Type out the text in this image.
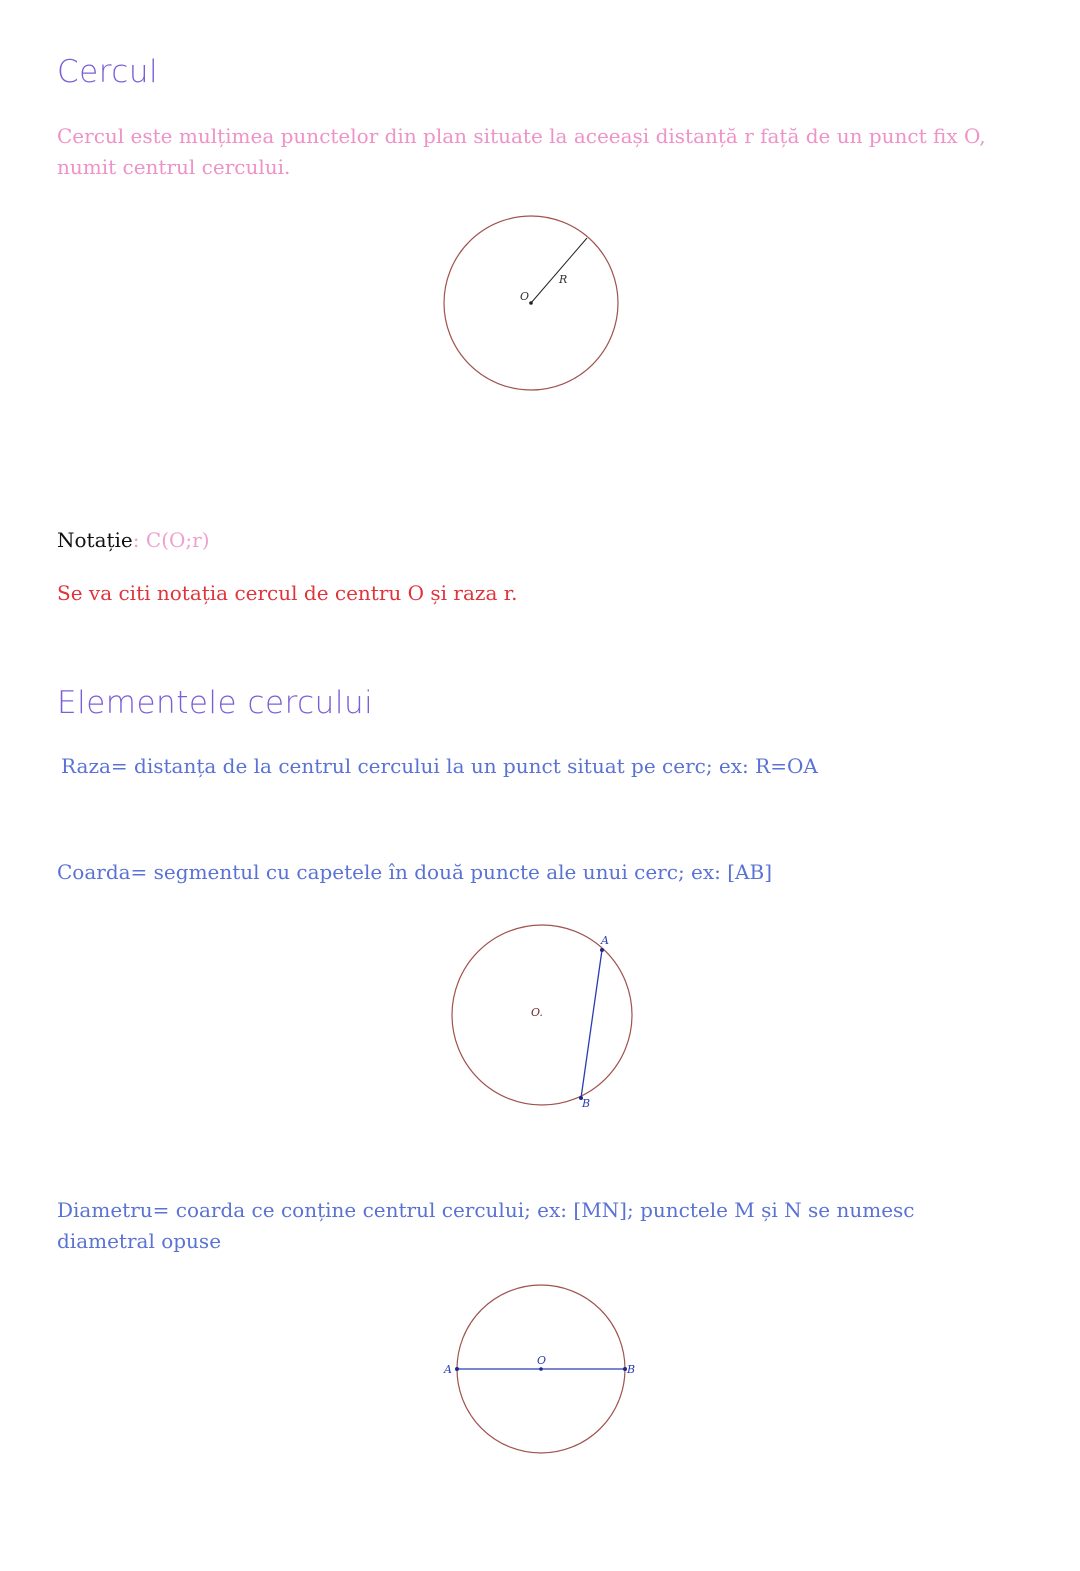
Cercul
Cercul este mulțimea punctelor din plan situate la aceeași distanță r față de un punct fix O,
numit centrul cercului.
O
R
O.
A
B
O
A	B
Notație: C(O;r)
Se va citi notația cercul de centru O și raza r.
Elementele cercului
Raza= distanța de la centrul cercului la un punct situat pe cerc; ex: R=OA
Coarda= segmentul cu capetele în două puncte ale unui cerc; ex: [AB]
Diametru= coarda ce conține centrul cercului; ex: [MN]; punctele M și N se numesc
diametral opuse
